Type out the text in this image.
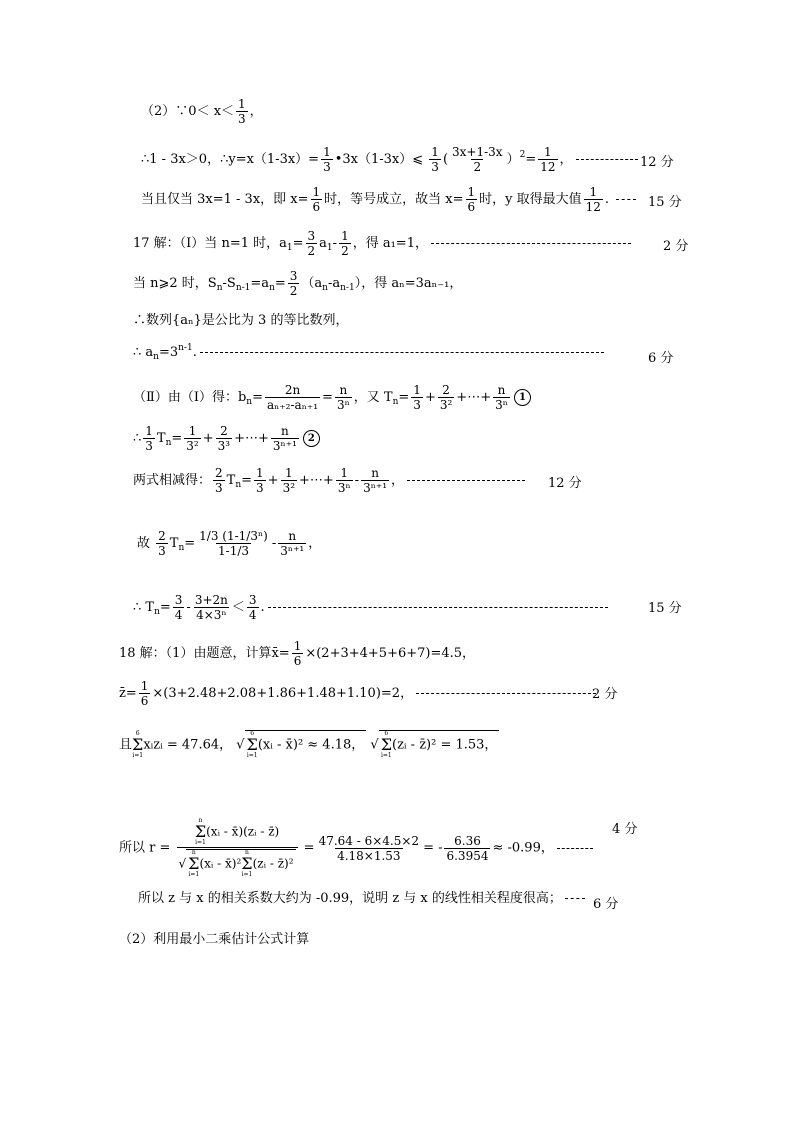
（2）∵0＜ $x< \frac{1}{3}$ ，
∴1 - 3x＞0，∴y=x（1-3x）= $\frac{1}{3}$ •3x（1-3x）⩽ $\frac{1}{3}$ ( $\frac{3x+1-3x}{2} )^2= \frac{1}{12}$ ，	12 分
当且仅当 3x=1 - 3x，即 $x= \frac{1}{6}$ 时，等号成立，故当 $x= \frac{1}{6}$ 时，y 取得最大值 $\frac{1}{12}$ .	15 分
17 解：（Ⅰ）当 n=1 时，$a_1= \frac{3}{2} a_1- \frac{1}{2}$ ，得 a₁=1，	2 分
当 n⩾2 时，$S_n-S_{n-1}=a_n= \frac{3}{2} (a_n-a_{n-1})$，得 aₙ=3aₙ₋₁，
∴数列{aₙ}是公比为 3 的等比数列，
∴ $a_n=3^{n-1}$.	6 分
（Ⅱ）由（Ⅰ）得：$b_n= \frac{2n}{\text{aₙ₊₂-aₙ₊₁}} = \frac{n}{\text{3ⁿ}}$ ，又 $T_n= \frac{1}{3} + \frac{2}{\text{3²}}$ +⋯+ $\frac{n}{\text{3ⁿ}} 1$
∴ $\frac{1}{3} T_n= \frac{1}{\text{3²}} + \frac{2}{\text{3³}}$ +⋯+ $\frac{n}{\text{3ⁿ⁺¹}} 2$
两式相减得： $\frac{2}{3} T_n= \frac{1}{3} + \frac{1}{\text{3²}}$ +⋯+ $\frac{1}{\text{3ⁿ}} - \frac{n}{\text{3ⁿ⁺¹}}$ ，	12 分
故 $\frac{2}{3} T_n= \frac{\text{1/3 (1-1/3ⁿ)}}{1-1/3} - \frac{n}{\text{3ⁿ⁺¹}}$ ，
∴ $T_n= \frac{3}{4} - \frac{3+2n}{\text{4×3ⁿ}} < \frac{3}{4}$ .	15 分
18 解：（1）由题意，计算x̄= $\frac{1}{6} \times(2+3+4+5+6+7)=4.5$，
z̄= $\frac{1}{6} \times(3+2.48+2.08+1.86+1.48+1.10)=2$，	2 分
且
6
Σ
i=1
xᵢzᵢ = 47.64， √
6
Σ
i=1
(xᵢ - x̄)² ≈ 4.18， √
6
Σ
i=1
(zᵢ - z̄)² = 1.53，
所以 r = n
Σ
i=1
(xᵢ - x̄)(zᵢ - z̄)
√
n
Σ
i=1
(xᵢ - x̄)²
n
Σ
i=1
(zᵢ - z̄)² = $\frac{47.64 - 6\times 4.5\times 2}{4.18\times 1.53}$ = - $\frac{6.36}{6.3954} \approx -0.99$，
4 分
所以 z 与 x 的相关系数大约为 -0.99，说明 z 与 x 的线性相关程度很高；	6 分
（2）利用最小二乘估计公式计算
